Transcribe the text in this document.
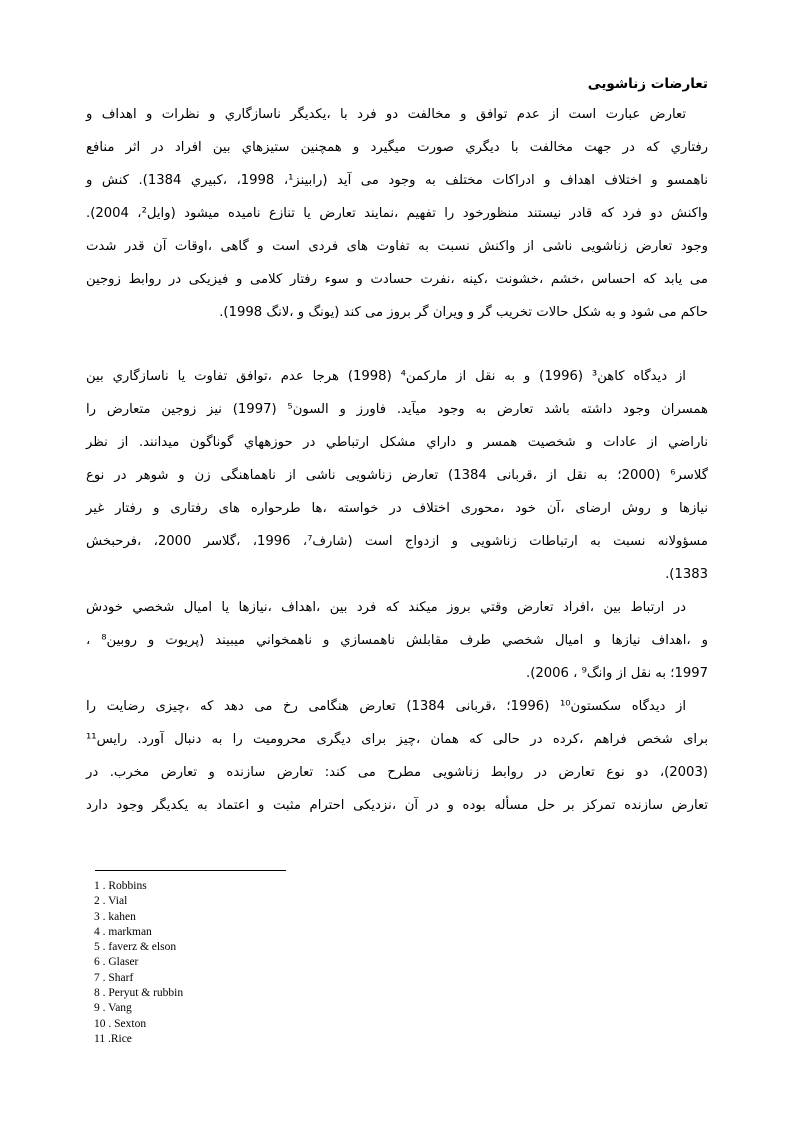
تعارضات زناشویی

تعارض عبارت است از عدم توافق و مخالفت دو فرد با ،یکدیگر ناسازگاري و نظرات و اهداف و
رفتاري که در جهت مخالفت با دیگري صورت ميگیرد و همچنین ستیزهاي بین افراد در اثر منافع
ناهمسو و اختلاف اهداف و ادراکات مختلف به وجود می آید (رابینز¹، 1998، ،کبیري 1384). کنش و
واکنش دو فرد که قادر نیستند منظورخود را تفهیم ،نمایند تعارض یا تنازع نامیده میشود (وایل²، 2004).
وجود تعارض زناشویی ناشی از واکنش نسبت به تفاوت های فردی است و گاهی ،اوقات آن قدر شدت
می یابد که احساس ،خشم ،خشونت ،کینه ،نفرت حسادت و سوء رفتار کلامی و فیزیکی در روابط زوجین
حاکم می شود و به شکل حالات تخریب گر و ویران گر بروز می کند (یونگ و ،لانگ 1998).

از دیدگاه کاهن³ (1996) و به نقل از مارکمن⁴ (1998) هرجا عدم ،توافق تفاوت یا ناسازگاري بین
همسران وجود داشته باشد تعارض به وجود ميآید. فاورز و السون⁵ (1997) نیز زوجین متعارض را
ناراضي از عادات و شخصیت همسر و داراي مشکل ارتباطي در حوزههاي گوناگون ميدانند. از نظر
گلاسر⁶ (2000؛ به نقل از ،قربانی 1384) تعارض زناشویی ناشی از ناهماهنگی زن و شوهر در نوع
نیازها و روش ارضای ،آن خود ،محوری اختلاف در خواسته ،ها طرحواره های رفتاری و رفتار غیر
مسؤولانه نسبت به ارتباطات زناشویی و ازدواج است (شارف⁷، 1996، ،گلاسر 2000، ،فرحبخش
1383).

در ارتباط بین ،افراد تعارض وقتي بروز ميکند که فرد بین ،اهداف ،نیازها یا امیال شخصي خودش
و ،اهداف نیازها و امیال شخصي طرف مقابلش ناهمسازي و ناهمخواني ميبیند (پریوت و روبین⁸ ،
1997؛ به نقل از وانگ⁹ ، 2006).

از دیدگاه سکستون¹⁰ (1996؛ ،قربانی 1384) تعارض هنگامی رخ می دهد که ،چیزی رضایت را
برای شخص فراهم ،کرده در حالی که همان ،چیز برای دیگری محرومیت را به دنبال آورد. رایس¹¹
(2003)، دو نوع تعارض در روابط زناشویی مطرح می کند: تعارض سازنده و تعارض مخرب. در
تعارض سازنده تمرکز بر حل مسأله بوده و در آن ،نزدیکی احترام مثبت و اعتماد به یکدیگر وجود دارد

1 . Robbins
2 . Vial
3 . kahen
4 . markman
5 . faverz & elson
6 . Glaser
7 . Sharf
8 . Peryut & rubbin
9 . Vang
10 . Sexton
11 .Rice
